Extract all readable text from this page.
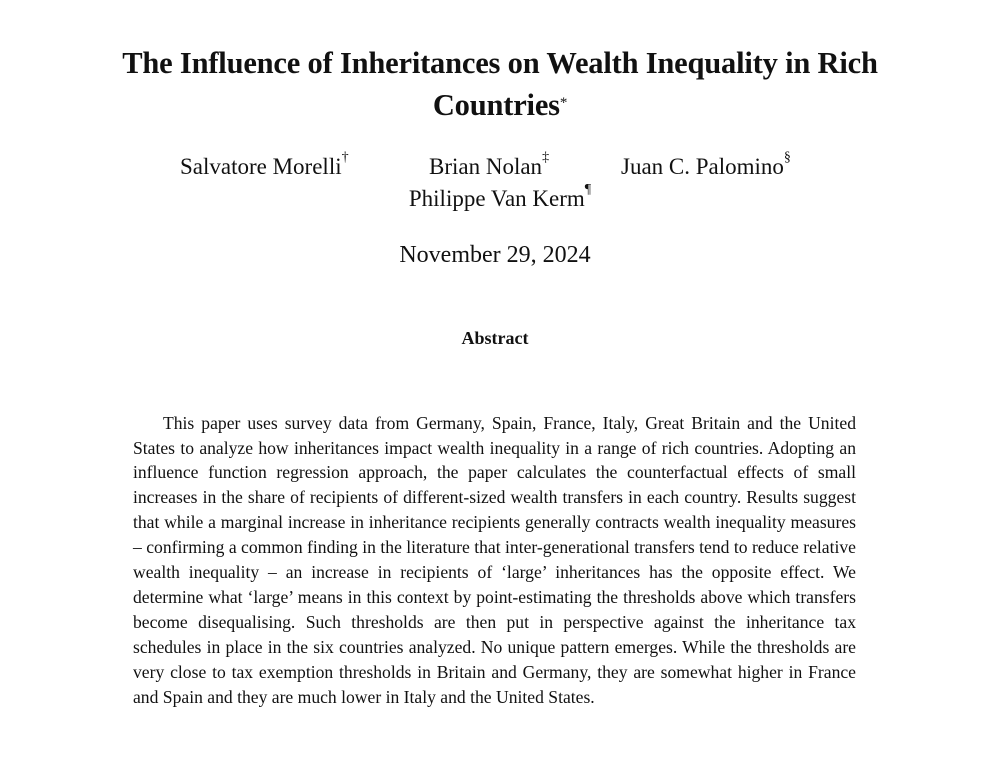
The Influence of Inheritances on Wealth Inequality in Rich Countries*
Salvatore Morelli†	Brian Nolan‡	Juan C. Palomino§
Philippe Van Kerm¶
November 29, 2024
Abstract

This paper uses survey data from Germany, Spain, France, Italy, Great Britain and the United States to analyze how inheritances impact wealth inequality in a range of rich countries. Adopting an influence function regression approach, the paper calculates the counterfactual effects of small increases in the share of recipients of different-sized wealth transfers in each country. Results suggest that while a marginal increase in inheritance recipients generally contracts wealth inequality measures – confirming a common finding in the literature that inter-generational transfers tend to reduce relative wealth inequality – an increase in recipients of ‘large’ inheritances has the opposite effect. We determine what ‘large’ means in this context by point-estimating the thresholds above which transfers become disequalising. Such thresholds are then put in perspective against the inheritance tax schedules in place in the six countries analyzed. No unique pattern emerges. While the thresholds are very close to tax exemption thresholds in Britain and Germany, they are somewhat higher in France and Spain and they are much lower in Italy and the United States.
